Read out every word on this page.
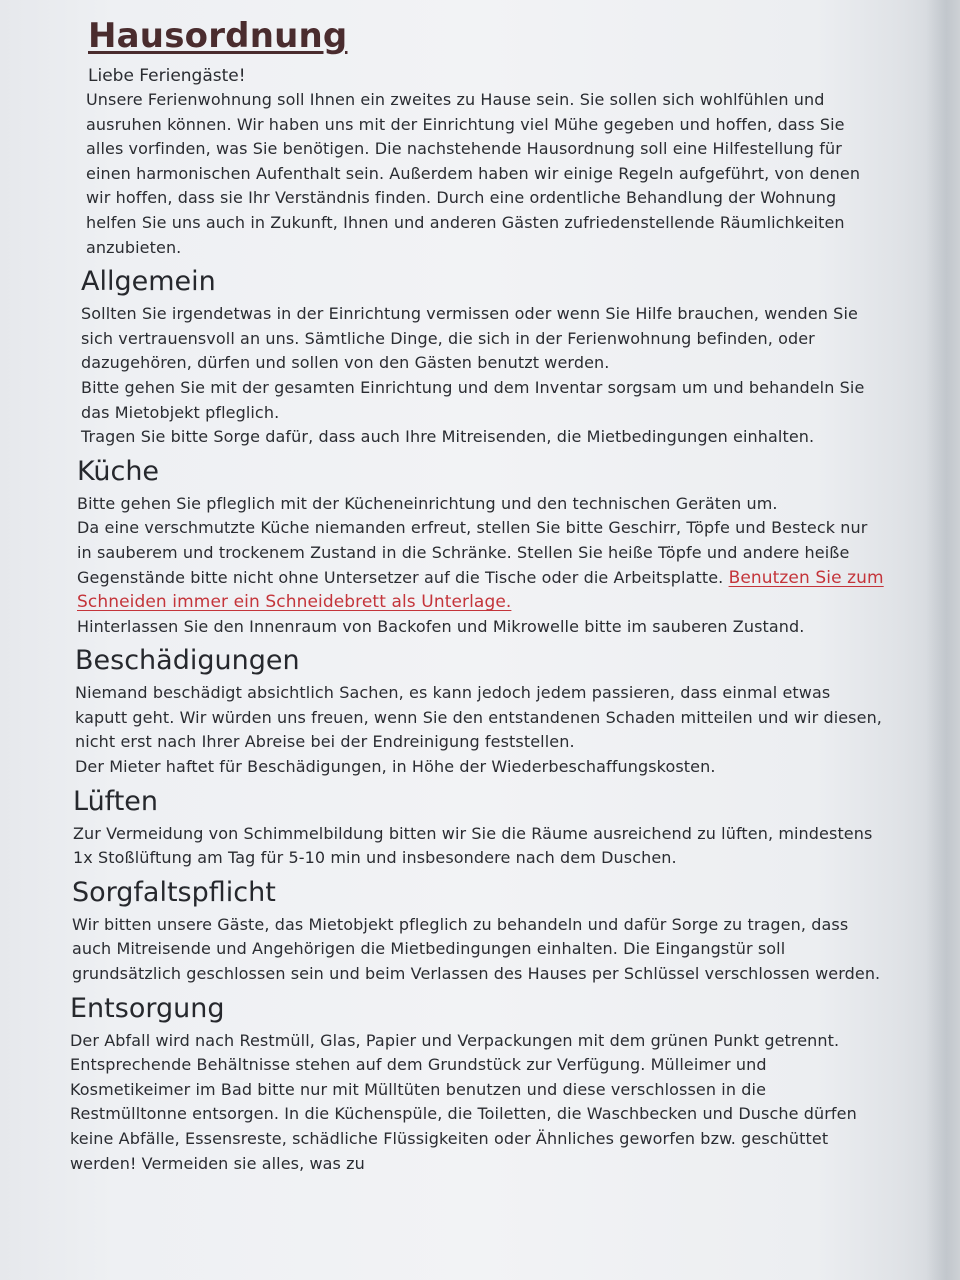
Hausordnung
Liebe Feriengäste!

Unsere Ferienwohnung soll Ihnen ein zweites zu Hause sein. Sie sollen sich wohlfühlen und ausruhen können. Wir haben uns mit der Einrichtung viel Mühe gegeben und hoffen, dass Sie alles vorfinden, was Sie benötigen. Die nachstehende Hausordnung soll eine Hilfestellung für einen harmonischen Aufenthalt sein. Außerdem haben wir einige Regeln aufgeführt, von denen wir hoffen, dass sie Ihr Verständnis finden. Durch eine ordentliche Behandlung der Wohnung helfen Sie uns auch in Zukunft, Ihnen und anderen Gästen zufriedenstellende Räumlichkeiten anzubieten.

Allgemein

Sollten Sie irgendetwas in der Einrichtung vermissen oder wenn Sie Hilfe brauchen, wenden Sie sich vertrauensvoll an uns. Sämtliche Dinge, die sich in der Ferienwohnung befinden, oder dazugehören, dürfen und sollen von den Gästen benutzt werden.

Bitte gehen Sie mit der gesamten Einrichtung und dem Inventar sorgsam um und behandeln Sie das Mietobjekt pfleglich.

Tragen Sie bitte Sorge dafür, dass auch Ihre Mitreisenden, die Mietbedingungen einhalten.

Küche

Bitte gehen Sie pfleglich mit der Kücheneinrichtung und den technischen Geräten um.

Da eine verschmutzte Küche niemanden erfreut, stellen Sie bitte Geschirr, Töpfe und Besteck nur in sauberem und trockenem Zustand in die Schränke. Stellen Sie heiße Töpfe und andere heiße Gegenstände bitte nicht ohne Untersetzer auf die Tische oder die Arbeitsplatte. Benutzen Sie zum Schneiden immer ein Schneidebrett als Unterlage.

Hinterlassen Sie den Innenraum von Backofen und Mikrowelle bitte im sauberen Zustand.

Beschädigungen

Niemand beschädigt absichtlich Sachen, es kann jedoch jedem passieren, dass einmal etwas kaputt geht. Wir würden uns freuen, wenn Sie den entstandenen Schaden mitteilen und wir diesen, nicht erst nach Ihrer Abreise bei der Endreinigung feststellen.

Der Mieter haftet für Beschädigungen, in Höhe der Wiederbeschaffungskosten.

Lüften

Zur Vermeidung von Schimmelbildung bitten wir Sie die Räume ausreichend zu lüften, mindestens 1x Stoßlüftung am Tag für 5-10 min und insbesondere nach dem Duschen.

Sorgfaltspflicht

Wir bitten unsere Gäste, das Mietobjekt pfleglich zu behandeln und dafür Sorge zu tragen, dass auch Mitreisende und Angehörigen die Mietbedingungen einhalten. Die Eingangstür soll grundsätzlich geschlossen sein und beim Verlassen des Hauses per Schlüssel verschlossen werden.

Entsorgung

Der Abfall wird nach Restmüll, Glas, Papier und Verpackungen mit dem grünen Punkt getrennt. Entsprechende Behältnisse stehen auf dem Grundstück zur Verfügung. Mülleimer und Kosmetikeimer im Bad bitte nur mit Mülltüten benutzen und diese verschlossen in die Restmülltonne entsorgen. In die Küchenspüle, die Toiletten, die Waschbecken und Dusche dürfen keine Abfälle, Essensreste, schädliche Flüssigkeiten oder Ähnliches geworfen bzw. geschüttet werden! Vermeiden sie alles, was zu
